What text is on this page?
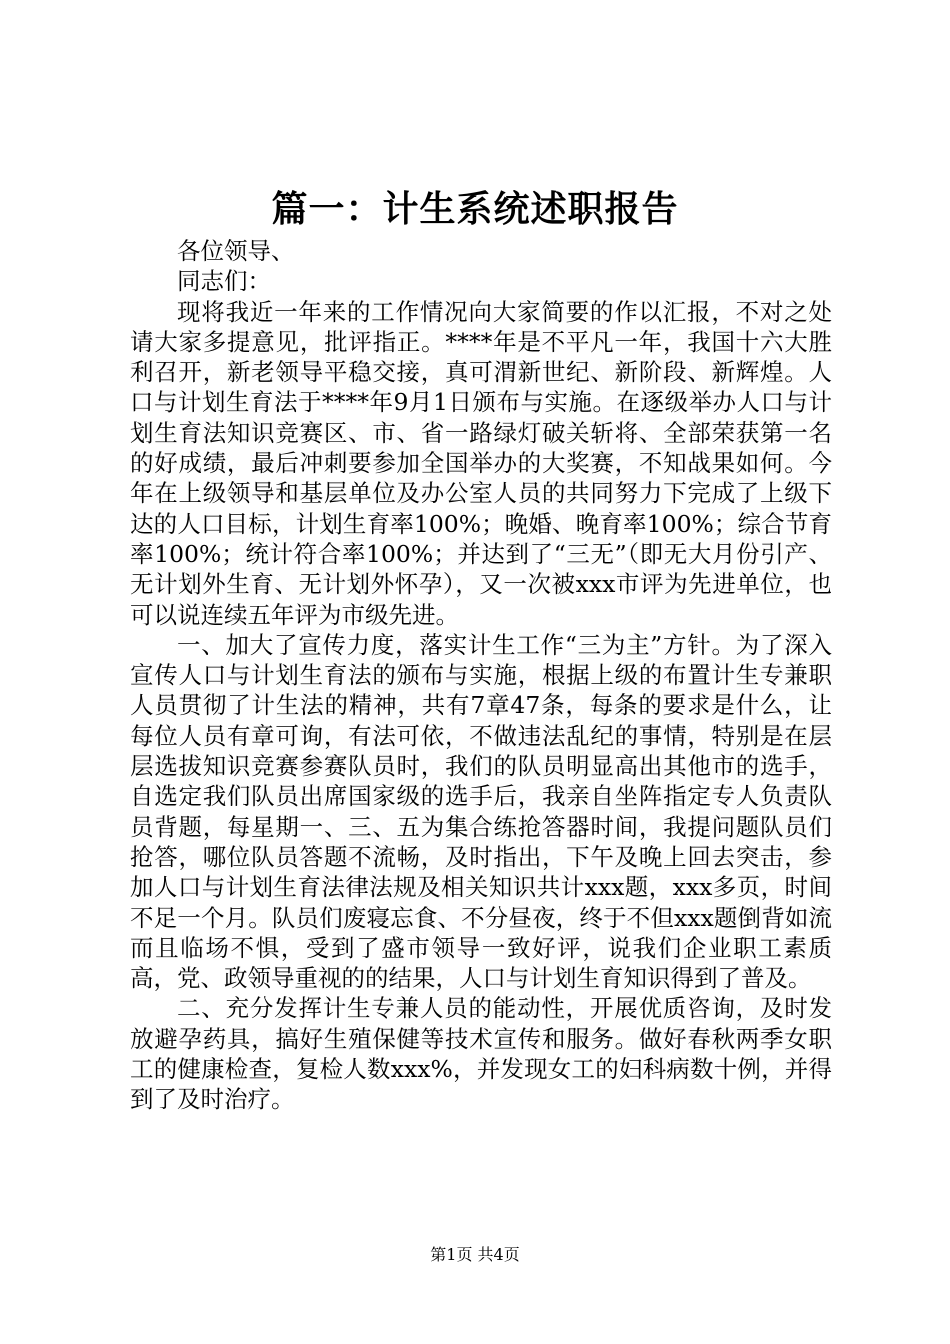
篇一：计生系统述职报告

各位领导、

同志们：

现将我近一年来的工作情况向大家简要的作以汇报，不对之处请大家多提意见，批评指正。****年是不平凡一年，我国十六大胜利召开，新老领导平稳交接，真可渭新世纪、新阶段、新辉煌。人口与计划生育法于****年9月1日颁布与实施。在逐级举办人口与计划生育法知识竞赛区、市、省一路绿灯破关斩将、全部荣获第一名的好成绩，最后冲刺要参加全国举办的大奖赛，不知战果如何。今年在上级领导和基层单位及办公室人员的共同努力下完成了上级下达的人口目标，计划生育率100%；晚婚、晚育率100%；综合节育率100%；统计符合率100%；并达到了“三无”（即无大月份引产、无计划外生育、无计划外怀孕），又一次被xxx市评为先进单位，也可以说连续五年评为市级先进。

一、加大了宣传力度，落实计生工作“三为主”方针。为了深入宣传人口与计划生育法的颁布与实施，根据上级的布置计生专兼职人员贯彻了计生法的精神，共有7章47条，每条的要求是什么，让每位人员有章可询，有法可依，不做违法乱纪的事情，特别是在层层选拔知识竞赛参赛队员时，我们的队员明显高出其他市的选手，自选定我们队员出席国家级的选手后，我亲自坐阵指定专人负责队员背题，每星期一、三、五为集合练抢答器时间，我提问题队员们抢答，哪位队员答题不流畅，及时指出，下午及晚上回去突击，参加人口与计划生育法律法规及相关知识共计xxx题，xxx多页，时间不足一个月。队员们废寝忘食、不分昼夜，终于不但xxx题倒背如流而且临场不惧，受到了盛市领导一致好评，说我们企业职工素质高，党、政领导重视的的结果，人口与计划生育知识得到了普及。

二、充分发挥计生专兼人员的能动性，开展优质咨询，及时发放避孕药具，搞好生殖保健等技术宣传和服务。做好春秋两季女职工的健康检查，复检人数xxx%，并发现女工的妇科病数十例，并得到了及时治疗。

第1页 共4页
